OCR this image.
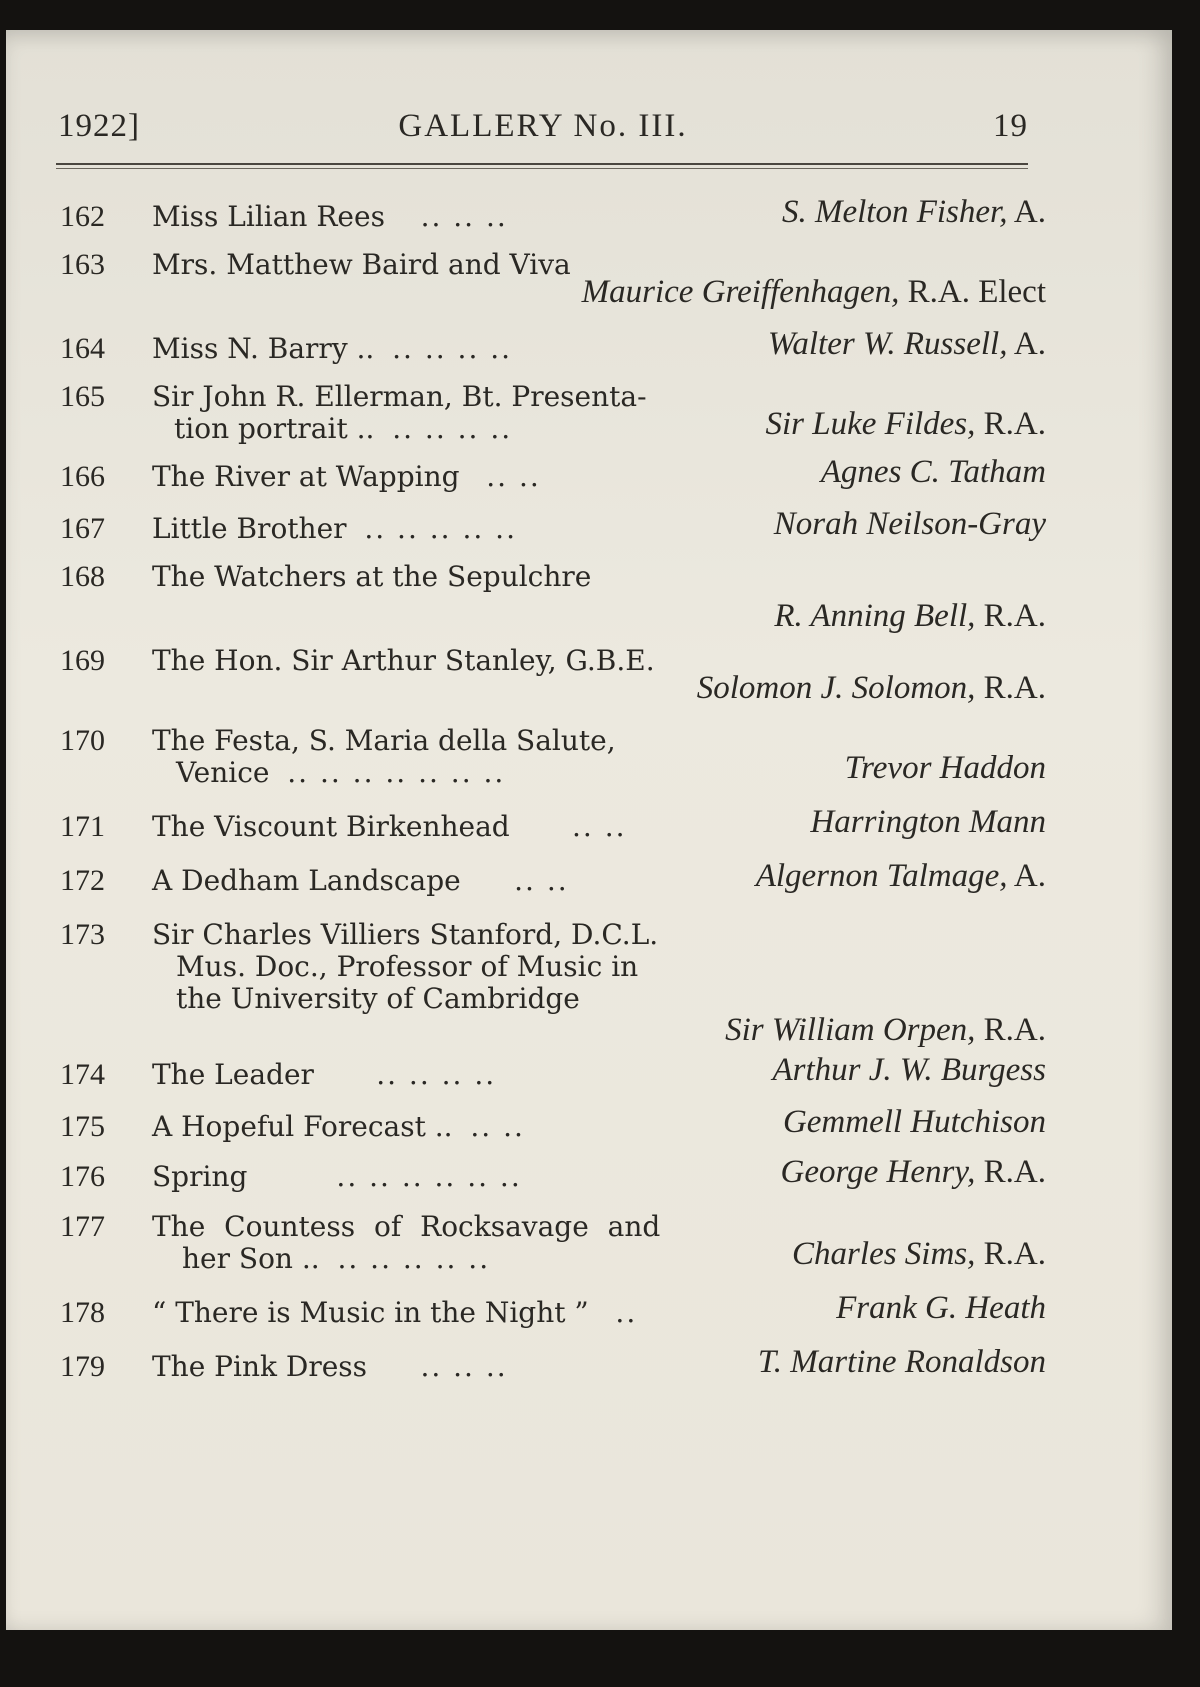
1922]	GALLERY No. III.	19
162 Miss Lilian Rees .. .. ..	S. Melton Fisher, A.
163 Mrs. Matthew Baird and Viva
Maurice Greiffenhagen, R.A. Elect
164 Miss N. Barry .. .. .. .. ..	Walter W. Russell, A.
165 Sir John R. Ellerman, Bt. Presenta-
tion portrait .. .. .. .. ..	Sir Luke Fildes, R.A.
166 The River at Wapping .. ..	Agnes C. Tatham
167 Little Brother .. .. .. .. ..	Norah Neilson-Gray
168 The Watchers at the Sepulchre
R. Anning Bell, R.A.
169 The Hon. Sir Arthur Stanley, G.B.E.
Solomon J. Solomon, R.A.
170 The Festa, S. Maria della Salute,
Venice .. .. .. .. .. .. ..	Trevor Haddon
171 The Viscount Birkenhead .. ..	Harrington Mann
172 A Dedham Landscape .. ..	Algernon Talmage, A.
173 Sir Charles Villiers Stanford, D.C.L.
Mus. Doc., Professor of Music in
the University of Cambridge
Sir William Orpen, R.A.
174 The Leader .. .. .. ..	Arthur J. W. Burgess
175 A Hopeful Forecast .. .. ..	Gemmell Hutchison
176 Spring	.. .. .. .. .. ..	George Henry, R.A.
177 The Countess of Rocksavage and
her Son .. .. .. .. .. ..	Charles Sims, R.A.
178 “ There is Music in the Night ” ..	Frank G. Heath
179 The Pink Dress .. .. ..	T. Martine Ronaldson
